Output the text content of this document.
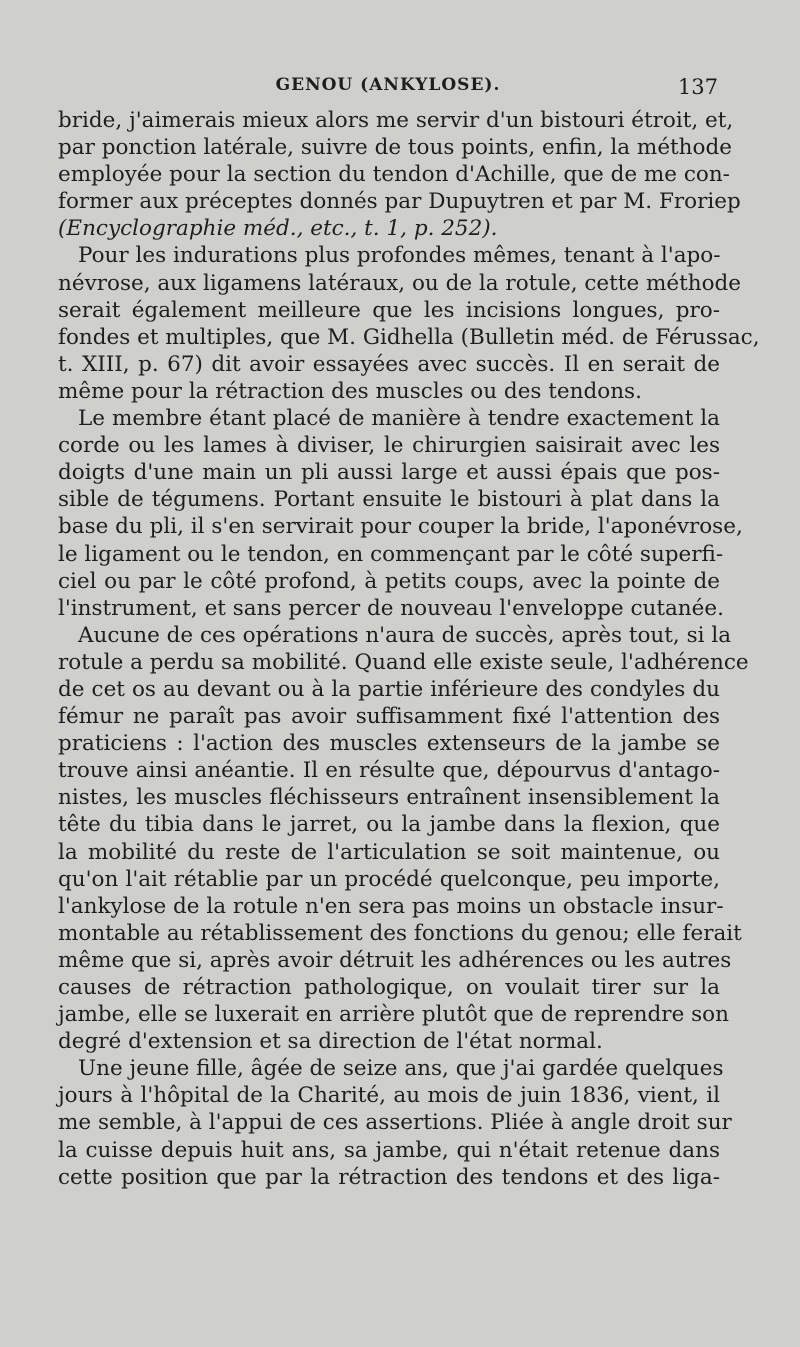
GENOU (ANKYLOSE).	137
bride, j'aimerais mieux alors me servir d'un bistouri étroit, et,
par ponction latérale, suivre de tous points, enfin, la méthode
employée pour la section du tendon d'Achille, que de me con-
former aux préceptes donnés par Dupuytren et par M. Froriep
(Encyclographie méd., etc., t. 1, p. 252).
Pour les indurations plus profondes mêmes, tenant à l'apo-
névrose, aux ligamens latéraux, ou de la rotule, cette méthode
serait également meilleure que les incisions longues, pro-
fondes et multiples, que M. Gidhella (Bulletin méd. de Férussac,
t. XIII, p. 67) dit avoir essayées avec succès. Il en serait de
même pour la rétraction des muscles ou des tendons.
Le membre étant placé de manière à tendre exactement la
corde ou les lames à diviser, le chirurgien saisirait avec les
doigts d'une main un pli aussi large et aussi épais que pos-
sible de tégumens. Portant ensuite le bistouri à plat dans la
base du pli, il s'en servirait pour couper la bride, l'aponévrose,
le ligament ou le tendon, en commençant par le côté superfi-
ciel ou par le côté profond, à petits coups, avec la pointe de
l'instrument, et sans percer de nouveau l'enveloppe cutanée.
Aucune de ces opérations n'aura de succès, après tout, si la
rotule a perdu sa mobilité. Quand elle existe seule, l'adhérence
de cet os au devant ou à la partie inférieure des condyles du
fémur ne paraît pas avoir suffisamment fixé l'attention des
praticiens : l'action des muscles extenseurs de la jambe se
trouve ainsi anéantie. Il en résulte que, dépourvus d'antago-
nistes, les muscles fléchisseurs entraînent insensiblement la
tête du tibia dans le jarret, ou la jambe dans la flexion, que
la mobilité du reste de l'articulation se soit maintenue, ou
qu'on l'ait rétablie par un procédé quelconque, peu importe,
l'ankylose de la rotule n'en sera pas moins un obstacle insur-
montable au rétablissement des fonctions du genou; elle ferait
même que si, après avoir détruit les adhérences ou les autres
causes de rétraction pathologique, on voulait tirer sur la
jambe, elle se luxerait en arrière plutôt que de reprendre son
degré d'extension et sa direction de l'état normal.
Une jeune fille, âgée de seize ans, que j'ai gardée quelques
jours à l'hôpital de la Charité, au mois de juin 1836, vient, il
me semble, à l'appui de ces assertions. Pliée à angle droit sur
la cuisse depuis huit ans, sa jambe, qui n'était retenue dans
cette position que par la rétraction des tendons et des liga-
